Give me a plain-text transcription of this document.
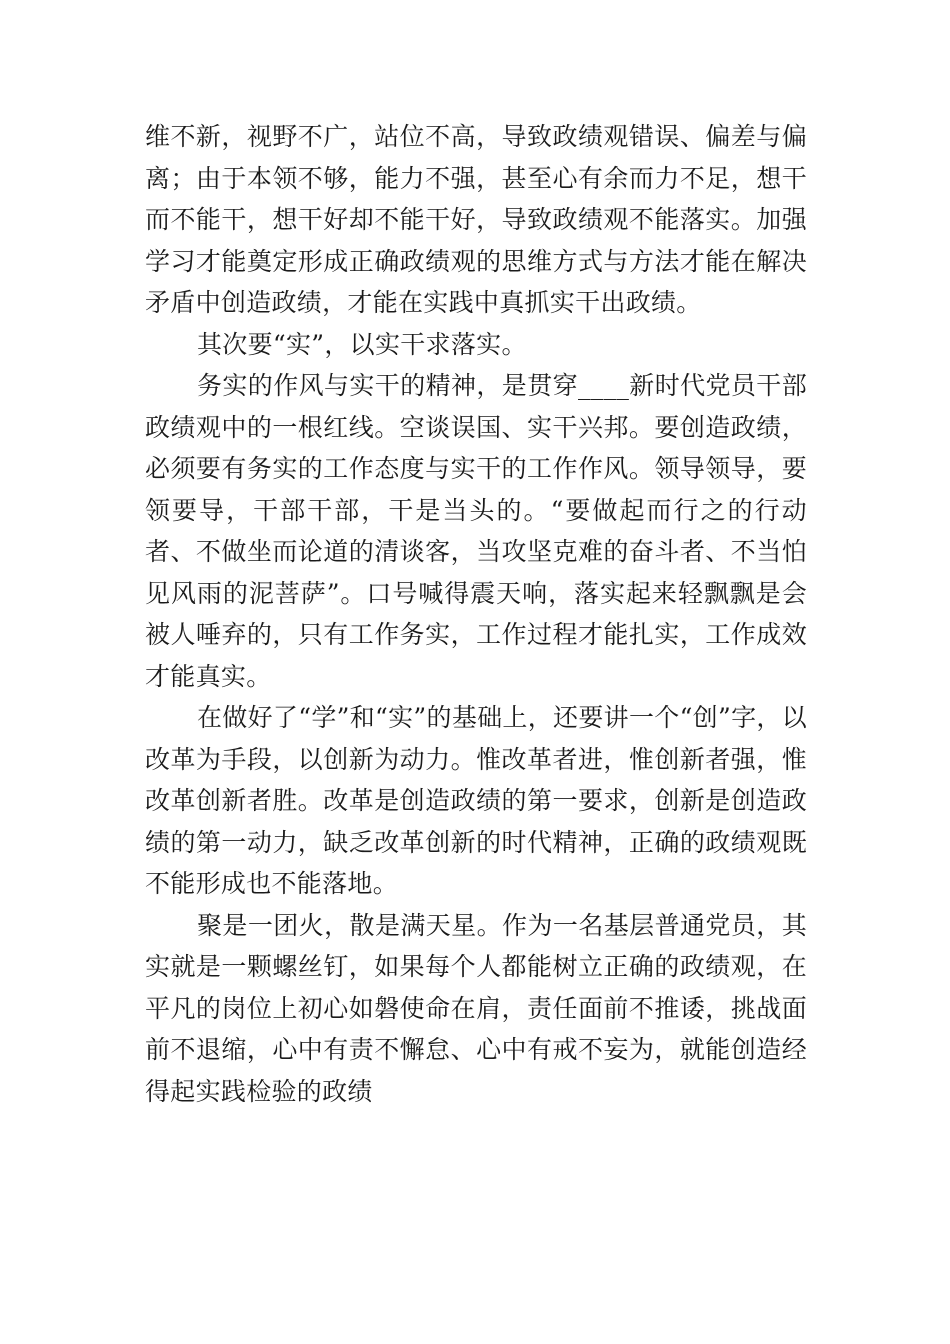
维不新，视野不广，站位不高，导致政绩观错误、偏差与偏离；由于本领不够，能力不强，甚至心有余而力不足，想干而不能干，想干好却不能干好，导致政绩观不能落实。加强学习才能奠定形成正确政绩观的思维方式与方法才能在解决矛盾中创造政绩，才能在实践中真抓实干出政绩。

其次要“实”，以实干求落实。

务实的作风与实干的精神，是贯穿____新时代党员干部政绩观中的一根红线。空谈误国、实干兴邦。要创造政绩，必须要有务实的工作态度与实干的工作作风。领导领导，要领要导，干部干部，干是当头的。“要做起而行之的行动者、不做坐而论道的清谈客，当攻坚克难的奋斗者、不当怕见风雨的泥菩萨”。口号喊得震天响，落实起来轻飘飘是会被人唾弃的，只有工作务实，工作过程才能扎实，工作成效才能真实。

在做好了“学”和“实”的基础上，还要讲一个“创”字，以改革为手段，以创新为动力。惟改革者进，惟创新者强，惟改革创新者胜。改革是创造政绩的第一要求，创新是创造政绩的第一动力，缺乏改革创新的时代精神，正确的政绩观既不能形成也不能落地。

聚是一团火，散是满天星。作为一名基层普通党员，其实就是一颗螺丝钉，如果每个人都能树立正确的政绩观，在平凡的岗位上初心如磐使命在肩，责任面前不推诿，挑战面前不退缩，心中有责不懈怠、心中有戒不妄为，就能创造经得起实践检验的政绩
